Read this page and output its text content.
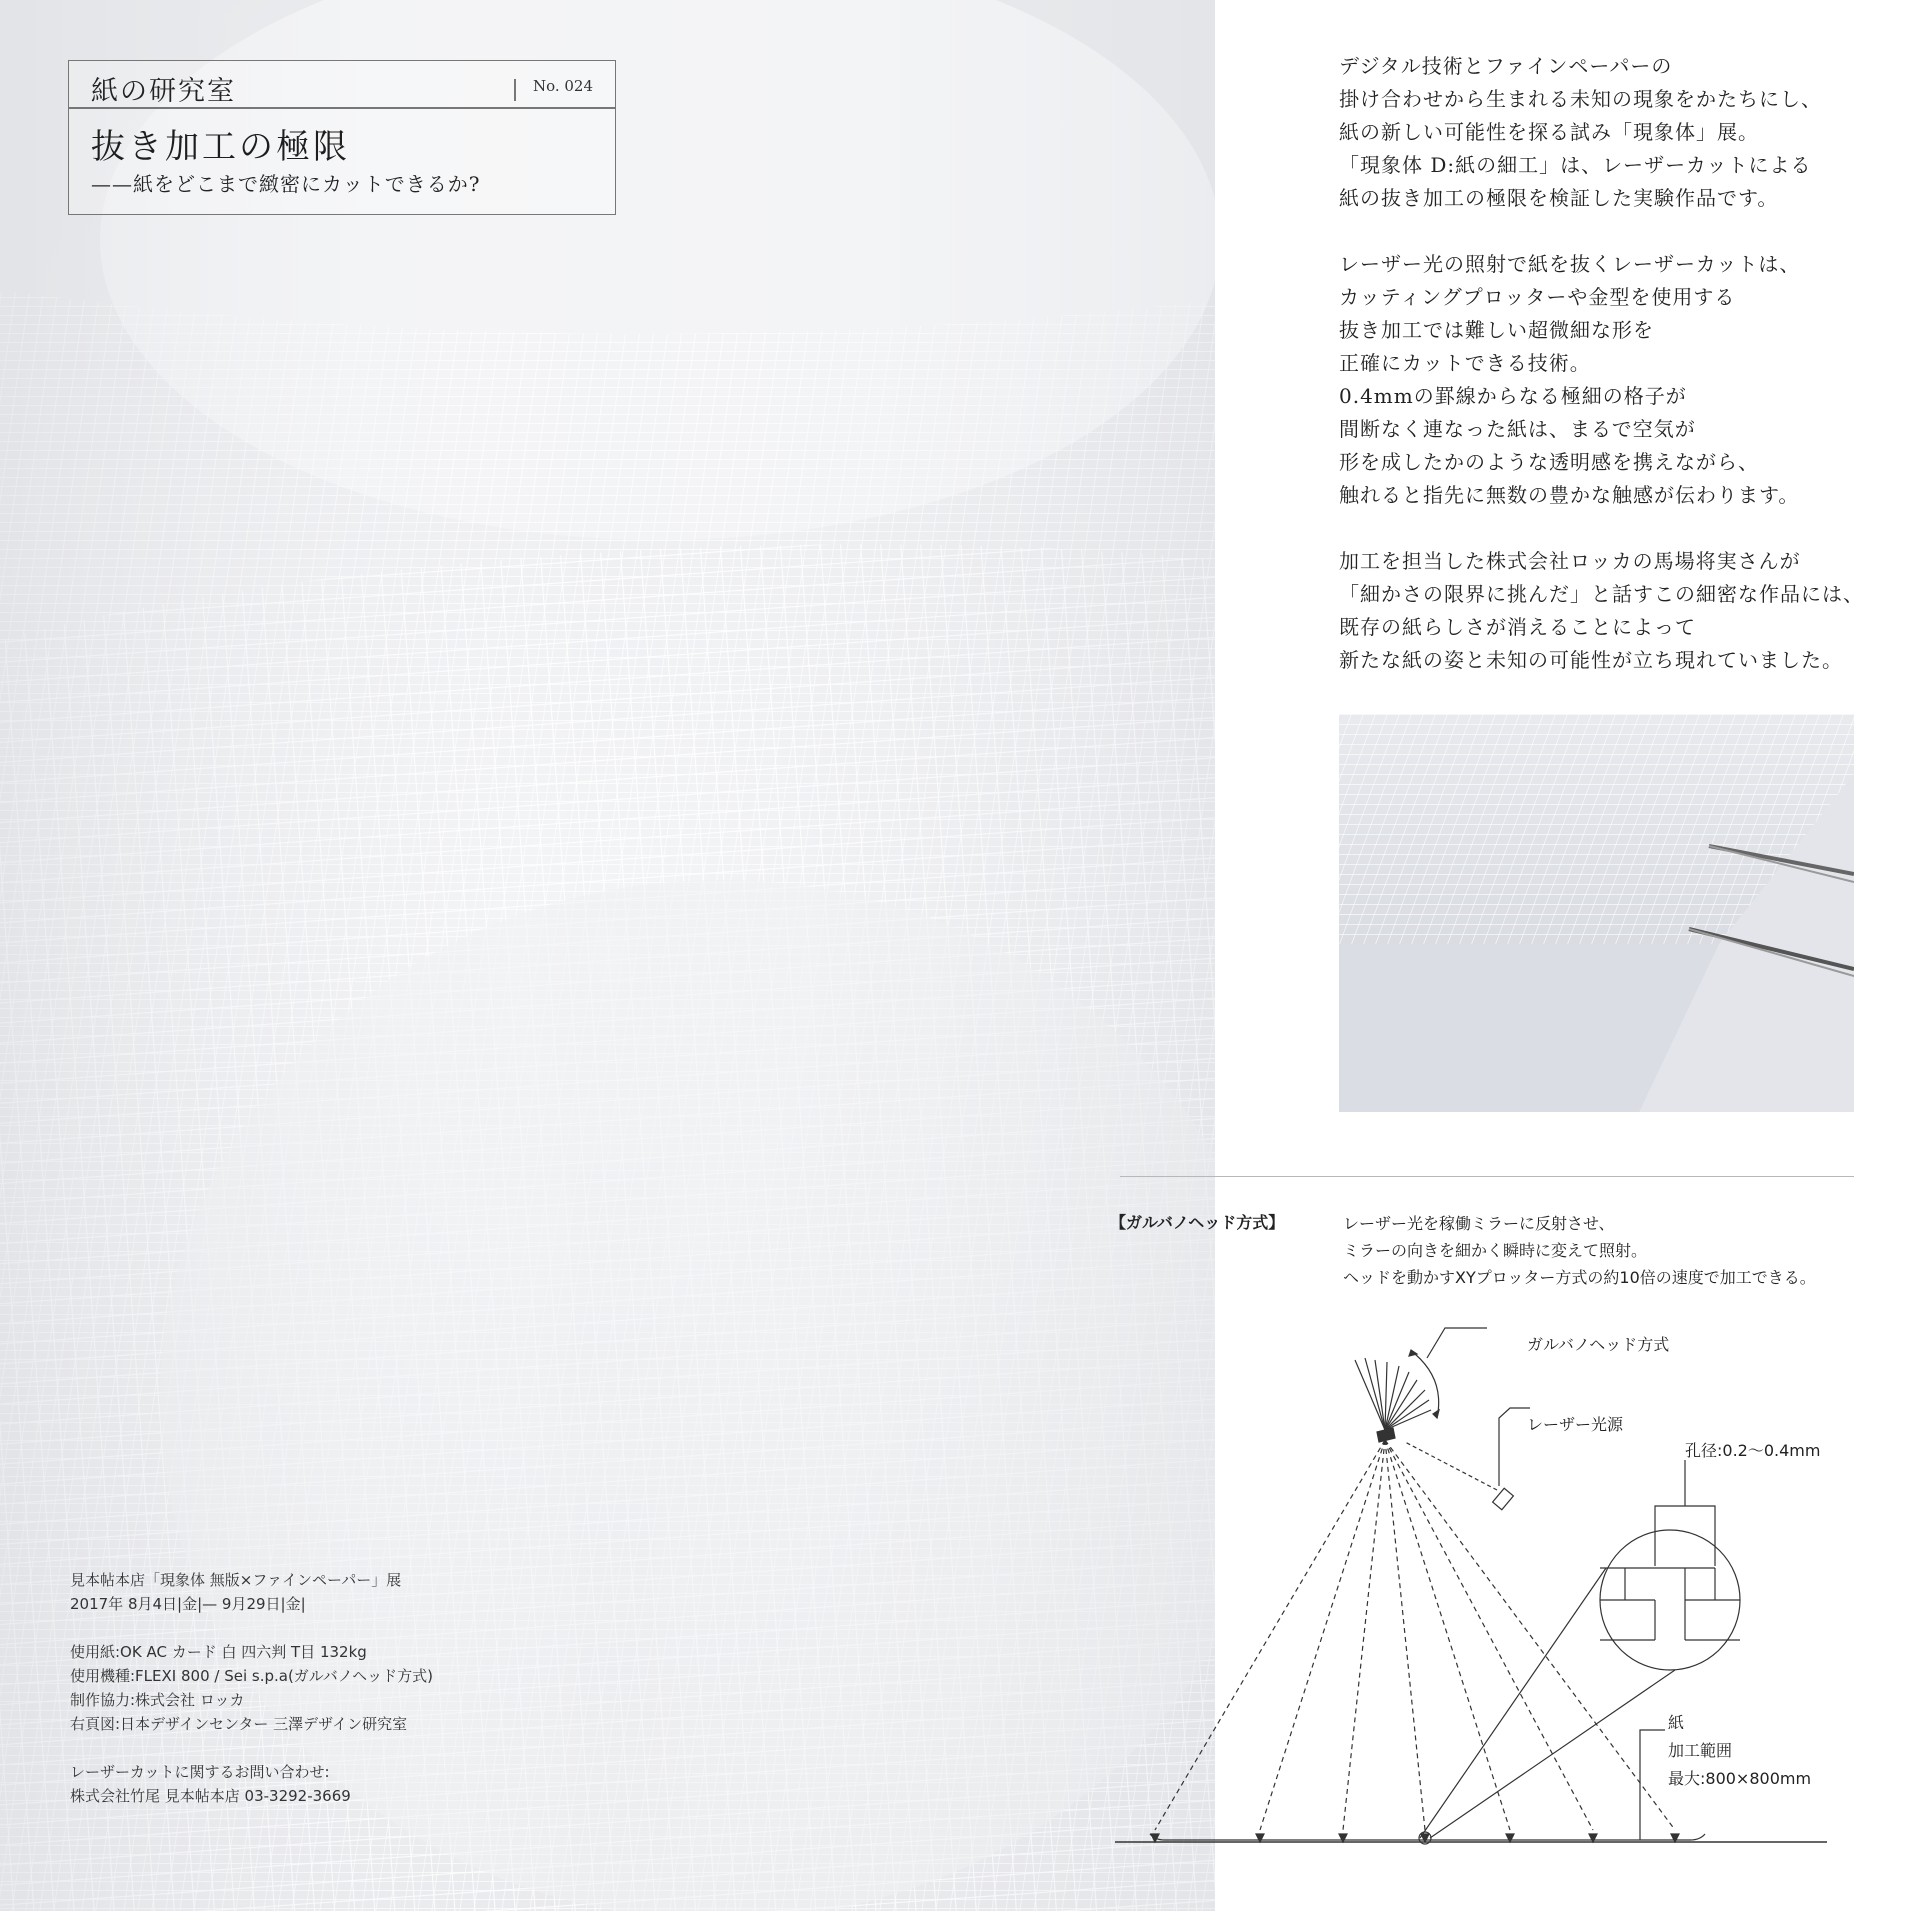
紙の研究室	No. 024
抜き加工の極限
——紙をどこまで緻密にカットできるか?
見本帖本店「現象体 無版×ファインペーパー」展
2017年 8月4日|金|— 9月29日|金|
使用紙:OK AC カード 白 四六判 T目 132kg
使用機種:FLEXI 800 / Sei s.p.a(ガルバノヘッド方式)
制作協力:株式会社 ロッカ
右頁図:日本デザインセンター 三澤デザイン研究室
レーザーカットに関するお問い合わせ:
株式会社竹尾 見本帖本店 03-3292-3669
デジタル技術とファインペーパーの
掛け合わせから生まれる未知の現象をかたちにし、
紙の新しい可能性を探る試み「現象体」展。
「現象体 D:紙の細工」は、レーザーカットによる
紙の抜き加工の極限を検証した実験作品です。
レーザー光の照射で紙を抜くレーザーカットは、
カッティングプロッターや金型を使用する
抜き加工では難しい超微細な形を
正確にカットできる技術。
0.4mmの罫線からなる極細の格子が
間断なく連なった紙は、まるで空気が
形を成したかのような透明感を携えながら、
触れると指先に無数の豊かな触感が伝わります。
加工を担当した株式会社ロッカの馬場将実さんが
「細かさの限界に挑んだ」と話すこの細密な作品には、
既存の紙らしさが消えることによって
新たな紙の姿と未知の可能性が立ち現れていました。
【ガルバノヘッド方式】	レーザー光を稼働ミラーに反射させ、
ミラーの向きを細かく瞬時に変えて照射。
ヘッドを動かすXYプロッター方式の約10倍の速度で加工できる。
ガルバノヘッド方式
レーザー光源
孔径:0.2〜0.4mm
紙
加工範囲
最大:800×800mm
